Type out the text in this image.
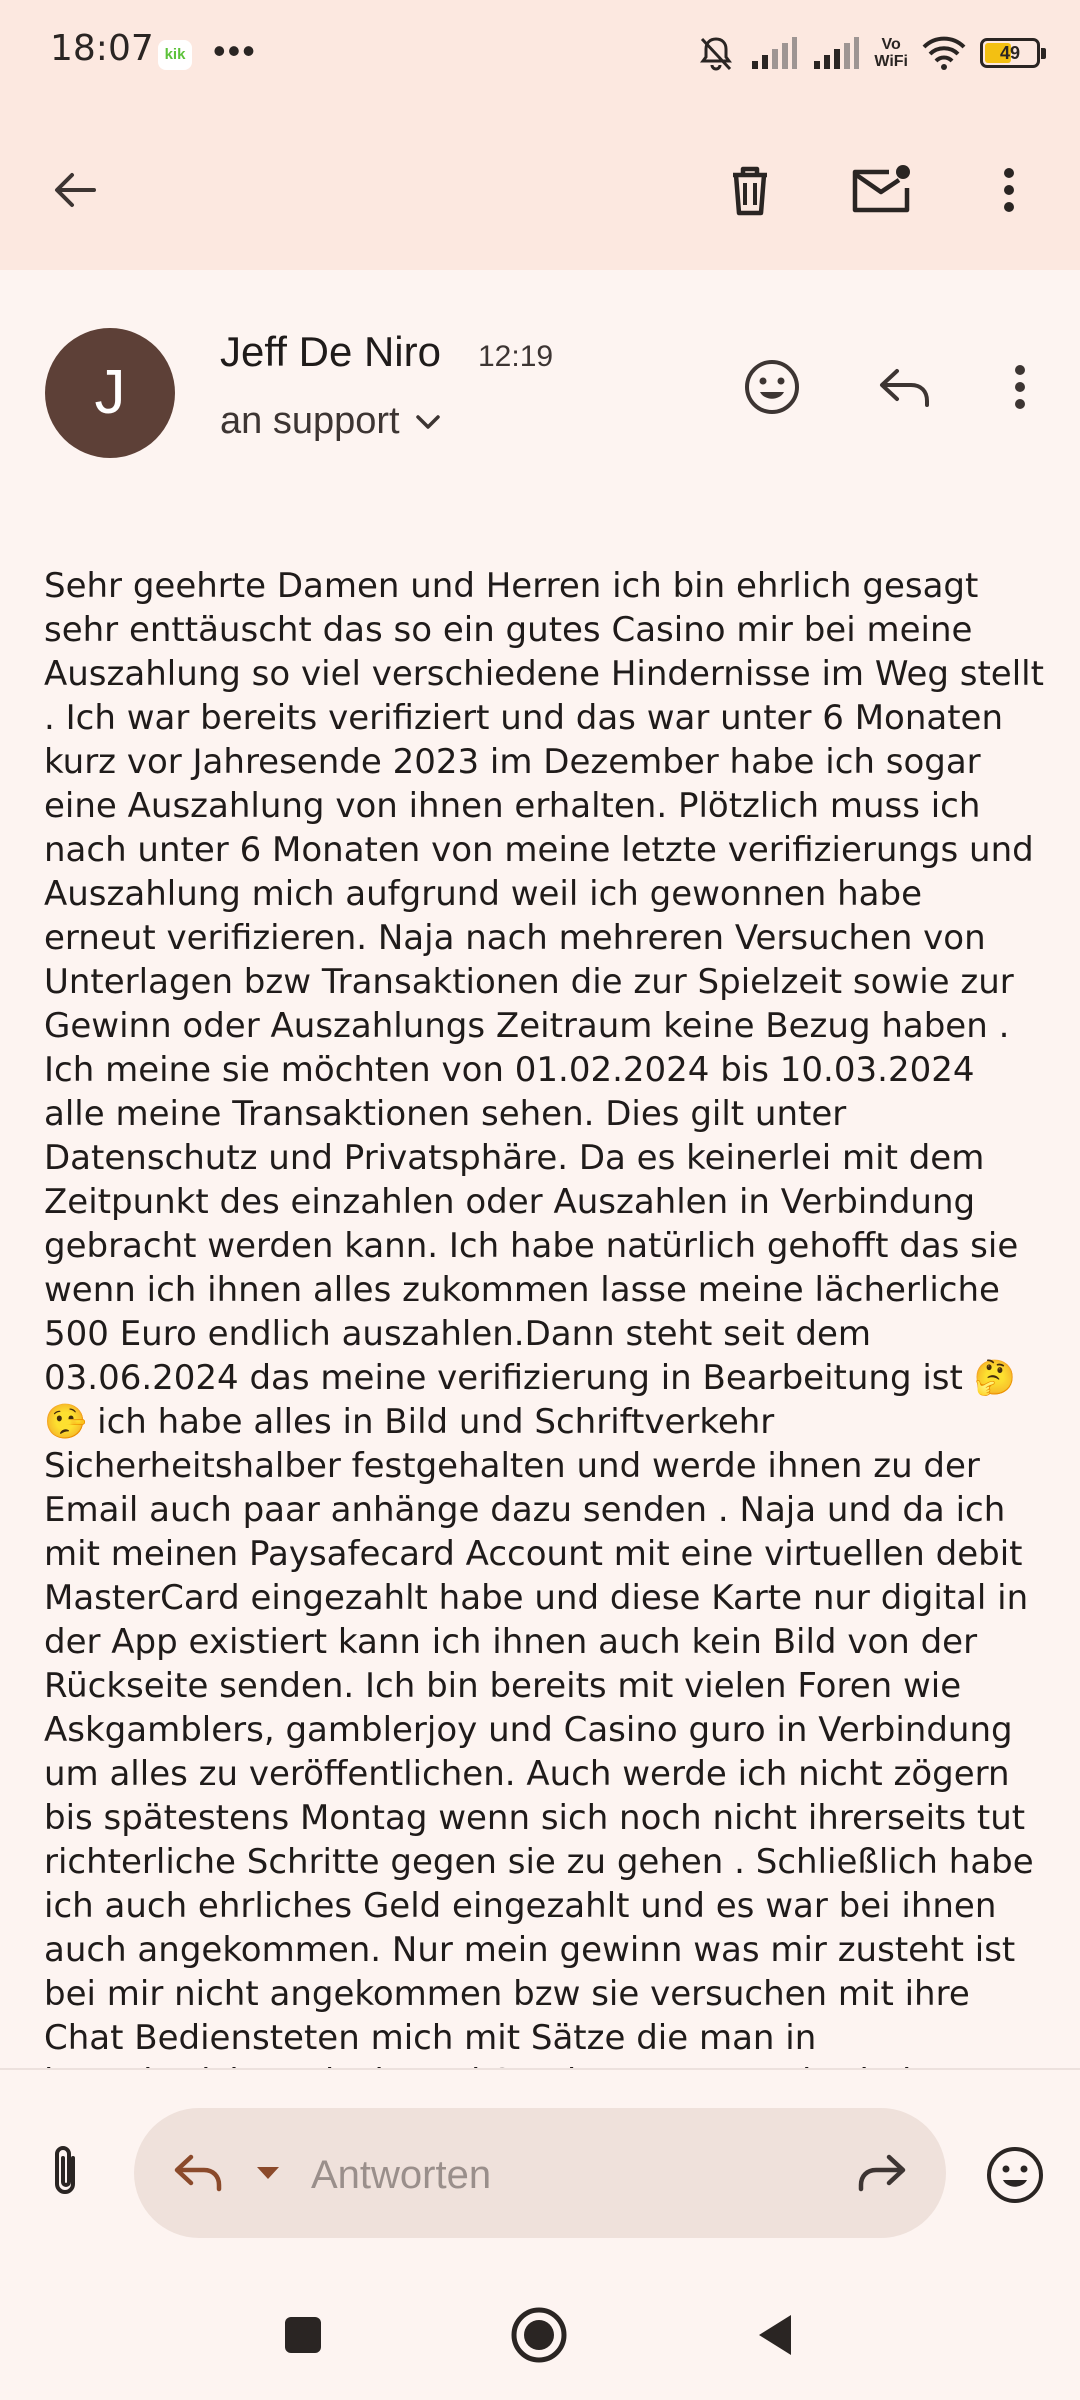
18:07 kik •••	Vo
WiFi	49
J
Jeff De Niro 12:19
an support
Sehr geehrte Damen und Herren ich bin ehrlich gesagt sehr enttäuscht das so ein gutes Casino mir bei meine Auszahlung so viel verschiedene Hindernisse im Weg stellt . Ich war bereits verifiziert und das war unter 6 Monaten kurz vor Jahresende 2023 im Dezember habe ich sogar eine Auszahlung von ihnen erhalten. Plötzlich muss ich nach unter 6 Monaten von meine letzte verifizierungs und Auszahlung mich aufgrund weil ich gewonnen habe erneut verifizieren. Naja nach mehreren Versuchen von Unterlagen bzw Transaktionen die zur Spielzeit sowie zur Gewinn oder Auszahlungs Zeitraum keine Bezug haben . Ich meine sie möchten von 01.02.2024 bis 10.03.2024 alle meine Transaktionen sehen. Dies gilt unter Datenschutz und Privatsphäre. Da es keinerlei mit dem Zeitpunkt des einzahlen oder Auszahlen in Verbindung gebracht werden kann. Ich habe natürlich gehofft das sie wenn ich ihnen alles zukommen lasse meine lächerliche 500 Euro endlich auszahlen.Dann steht seit dem 03.06.2024 das meine verifizierung in Bearbeitung ist 🤔🤥 ich habe alles in Bild und Schriftverkehr Sicherheitshalber festgehalten und werde ihnen zu der Email auch paar anhänge dazu senden . Naja und da ich mit meinen Paysafecard Account mit eine virtuellen debit MasterCard eingezahlt habe und diese Karte nur digital in der App existiert kann ich ihnen auch kein Bild von der Rückseite senden. Ich bin bereits mit vielen Foren wie Askgamblers, gamblerjoy und Casino guro in Verbindung um alles zu veröffentlichen. Auch werde ich nicht zögern bis spätestens Montag wenn sich noch nicht ihrerseits tut richterliche Schritte gegen sie zu gehen . Schließlich habe ich auch ehrliches Geld eingezahlt und es war bei ihnen auch angekommen. Nur mein gewinn was mir zusteht ist bei mir nicht angekommen bzw sie versuchen mit ihre Chat Bediensteten mich mit Sätze die man in
Antworten
